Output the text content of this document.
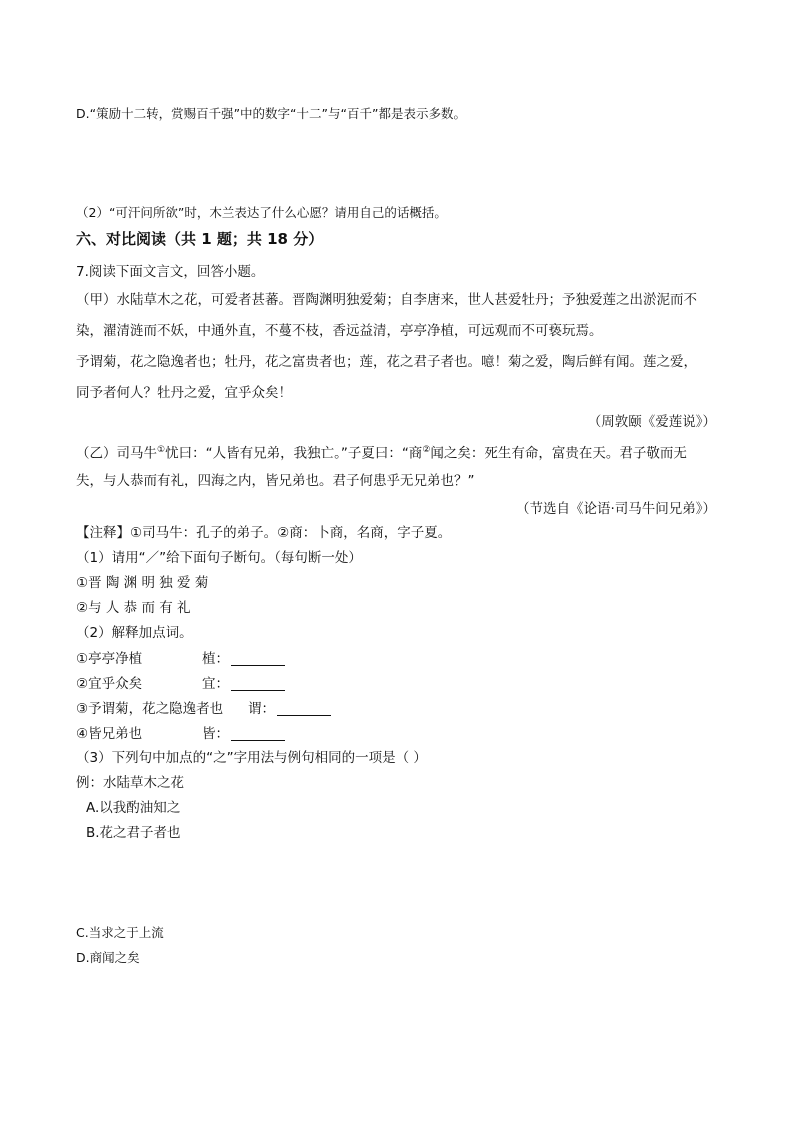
D.“策励十二转，赏赐百千强”中的数字“十二”与“百千”都是表示多数。
（2）“可汗问所欲”时，木兰表达了什么心愿？请用自己的话概括。
六、对比阅读（共 1 题；共 18 分）
7.阅读下面文言文，回答小题。
（甲）水陆草木之花，可爱者甚蕃。晋陶渊明独爱菊；自李唐来，世人甚爱牡丹；予独爱莲之出淤泥而不
染，濯清涟而不妖，中通外直，不蔓不枝，香远益清，亭亭净植，可远观而不可亵玩焉。
予谓菊，花之隐逸者也；牡丹，花之富贵者也；莲，花之君子者也。噫！菊之爱，陶后鲜有闻。莲之爱，
同予者何人？牡丹之爱，宜乎众矣！
（周敦颐《爱莲说》）
（乙）司马牛①忧曰：“人皆有兄弟，我独亡。”子夏曰：“商②闻之矣：死生有命，富贵在天。君子敬而无
失，与人恭而有礼，四海之内，皆兄弟也。君子何患乎无兄弟也？”
（节选自《论语·司马牛问兄弟》）
【注释】①司马牛：孔子的弟子。②商：卜商，名商，字子夏。
（1）请用“／”给下面句子断句。（每句断一处）
①晋 陶 渊 明 独 爱 菊
②与 人 恭 而 有 礼
（2）解释加点词。
①亭亭净植	植：
②宜乎众矣	宜：
③予谓菊，花之隐逸者也 谓：
④皆兄弟也	皆：
（3）下列句中加点的“之”字用法与例句相同的一项是（ ）
例：水陆草木之花
A.以我酌油知之
B.花之君子者也
C.当求之于上流
D.商闻之矣
